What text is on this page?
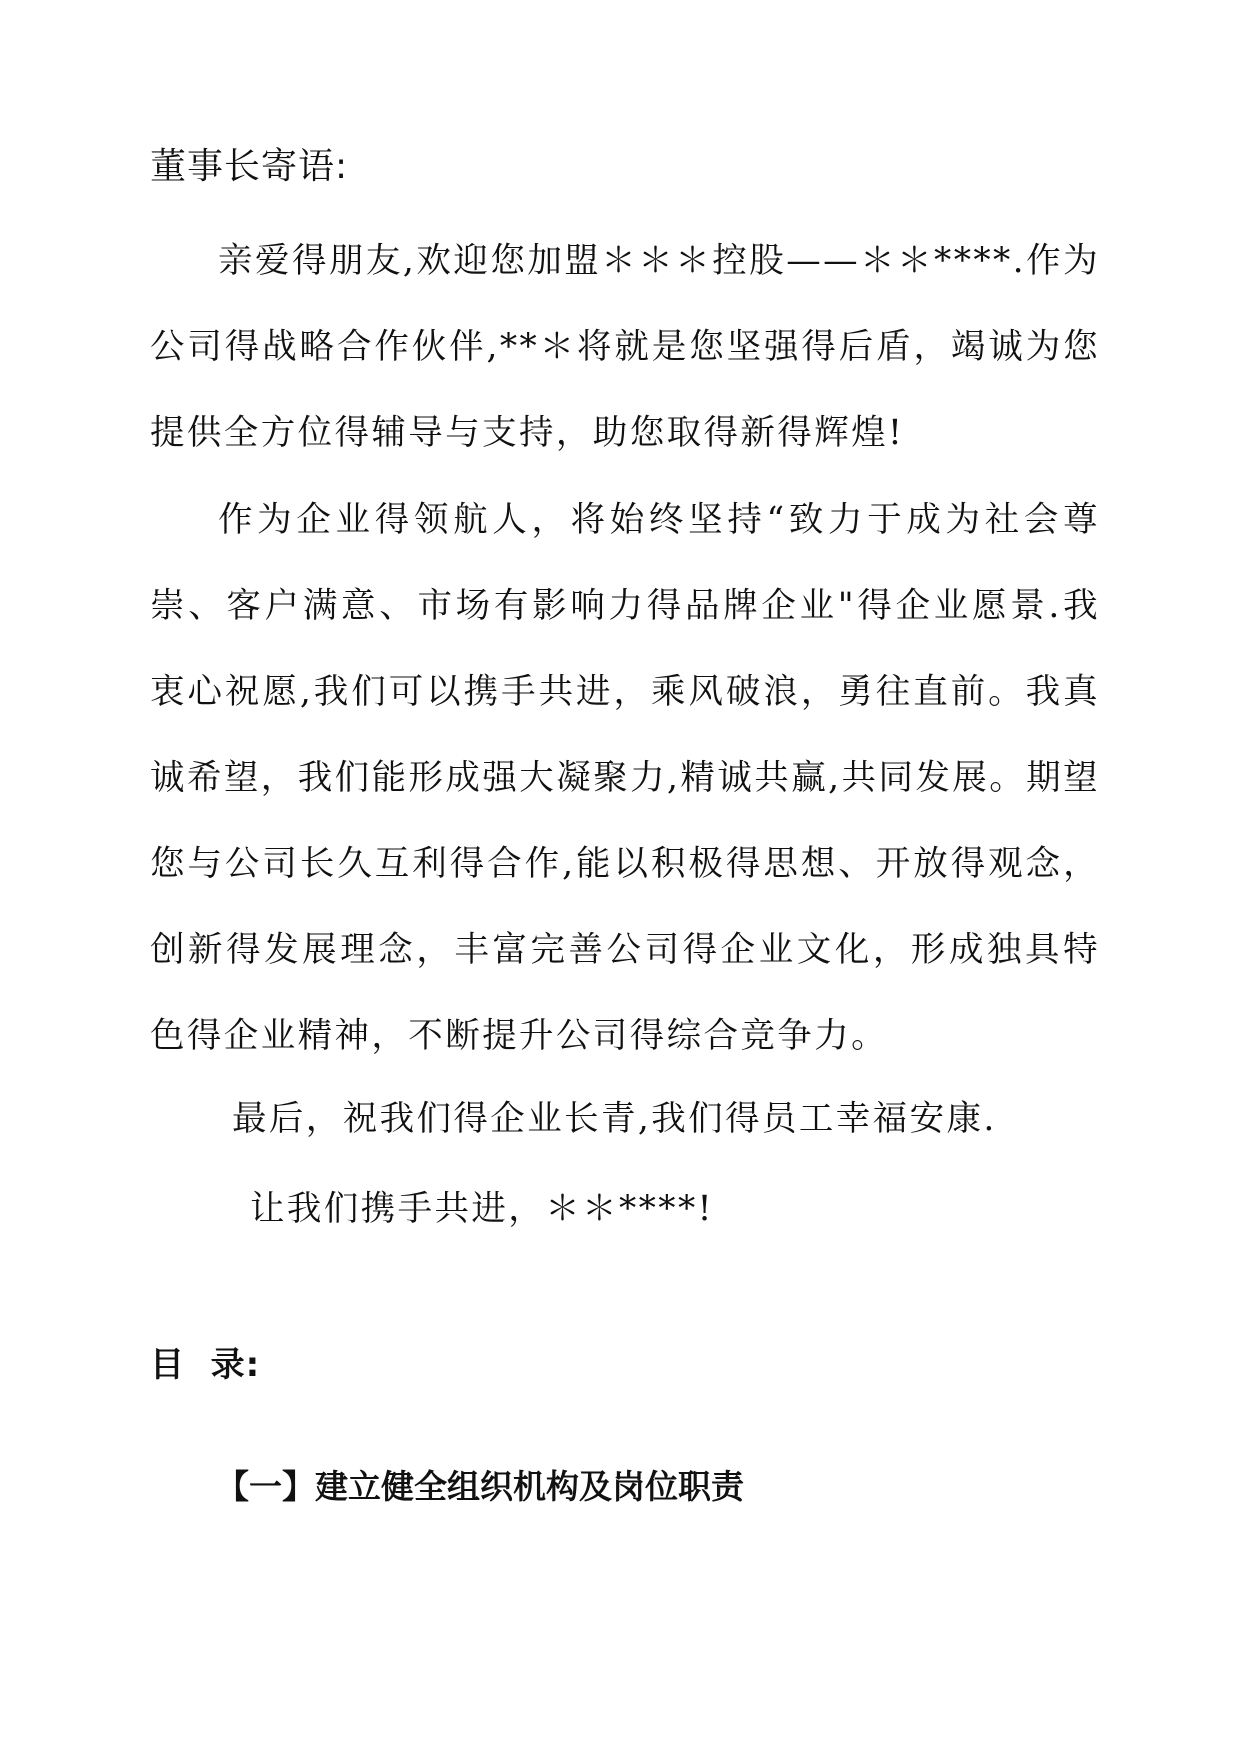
董事长寄语:

亲爱得朋友,欢迎您加盟＊＊＊控股——＊＊****.作为公司得战略合作伙伴,**＊将就是您坚强得后盾，竭诚为您提供全方位得辅导与支持，助您取得新得辉煌!

作为企业得领航人，将始终坚持“致力于成为社会尊崇、客户满意、市场有影响力得品牌企业"得企业愿景.我衷心祝愿,我们可以携手共进，乘风破浪，勇往直前。我真诚希望，我们能形成强大凝聚力,精诚共赢,共同发展。期望您与公司长久互利得合作,能以积极得思想、开放得观念，创新得发展理念，丰富完善公司得企业文化，形成独具特色得企业精神，不断提升公司得综合竞争力。

最后，祝我们得企业长青,我们得员工幸福安康.
让我们携手共进，＊＊****!
目  录:
【一】建立健全组织机构及岗位职责
